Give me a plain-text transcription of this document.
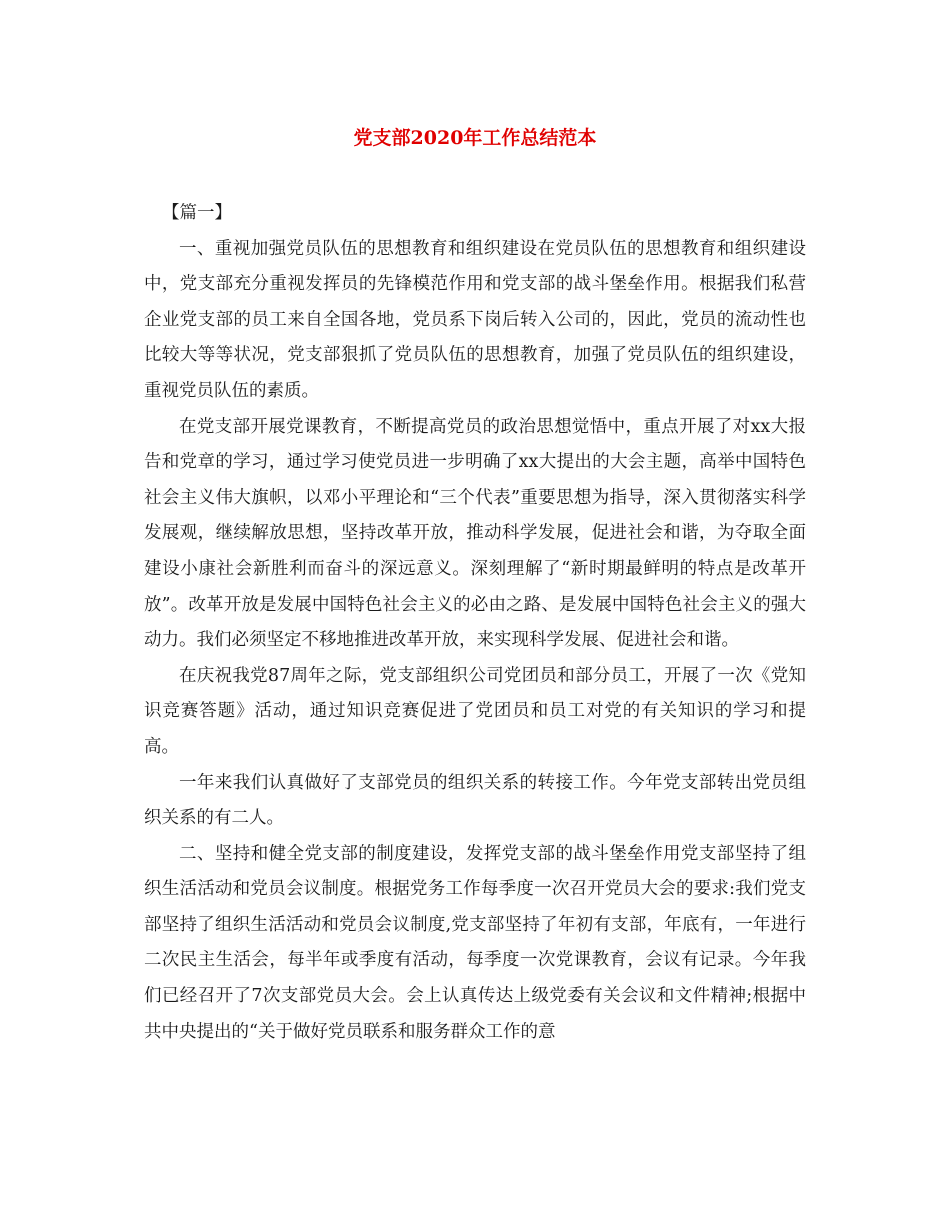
党支部2020年工作总结范本

【篇一】

一、重视加强党员队伍的思想教育和组织建设在党员队伍的思想教育和组织建设中，党支部充分重视发挥员的先锋模范作用和党支部的战斗堡垒作用。根据我们私营企业党支部的员工来自全国各地，党员系下岗后转入公司的，因此，党员的流动性也比较大等等状况，党支部狠抓了党员队伍的思想教育，加强了党员队伍的组织建设，重视党员队伍的素质。

在党支部开展党课教育，不断提高党员的政治思想觉悟中，重点开展了对xx大报告和党章的学习，通过学习使党员进一步明确了xx大提出的大会主题，高举中国特色社会主义伟大旗帜，以邓小平理论和“三个代表”重要思想为指导，深入贯彻落实科学发展观，继续解放思想，坚持改革开放，推动科学发展，促进社会和谐，为夺取全面建设小康社会新胜利而奋斗的深远意义。深刻理解了“新时期最鲜明的特点是改革开放”。改革开放是发展中国特色社会主义的必由之路、是发展中国特色社会主义的强大动力。我们必须坚定不移地推进改革开放，来实现科学发展、促进社会和谐。

在庆祝我党87周年之际，党支部组织公司党团员和部分员工，开展了一次《党知识竞赛答题》活动，通过知识竞赛促进了党团员和员工对党的有关知识的学习和提高。

一年来我们认真做好了支部党员的组织关系的转接工作。今年党支部转出党员组织关系的有二人。

二、坚持和健全党支部的制度建设，发挥党支部的战斗堡垒作用党支部坚持了组织生活活动和党员会议制度。根据党务工作每季度一次召开党员大会的要求:我们党支部坚持了组织生活活动和党员会议制度,党支部坚持了年初有支部，年底有，一年进行二次民主生活会，每半年或季度有活动，每季度一次党课教育，会议有记录。今年我们已经召开了7次支部党员大会。会上认真传达上级党委有关会议和文件精神;根据中共中央提出的“关于做好党员联系和服务群众工作的意
